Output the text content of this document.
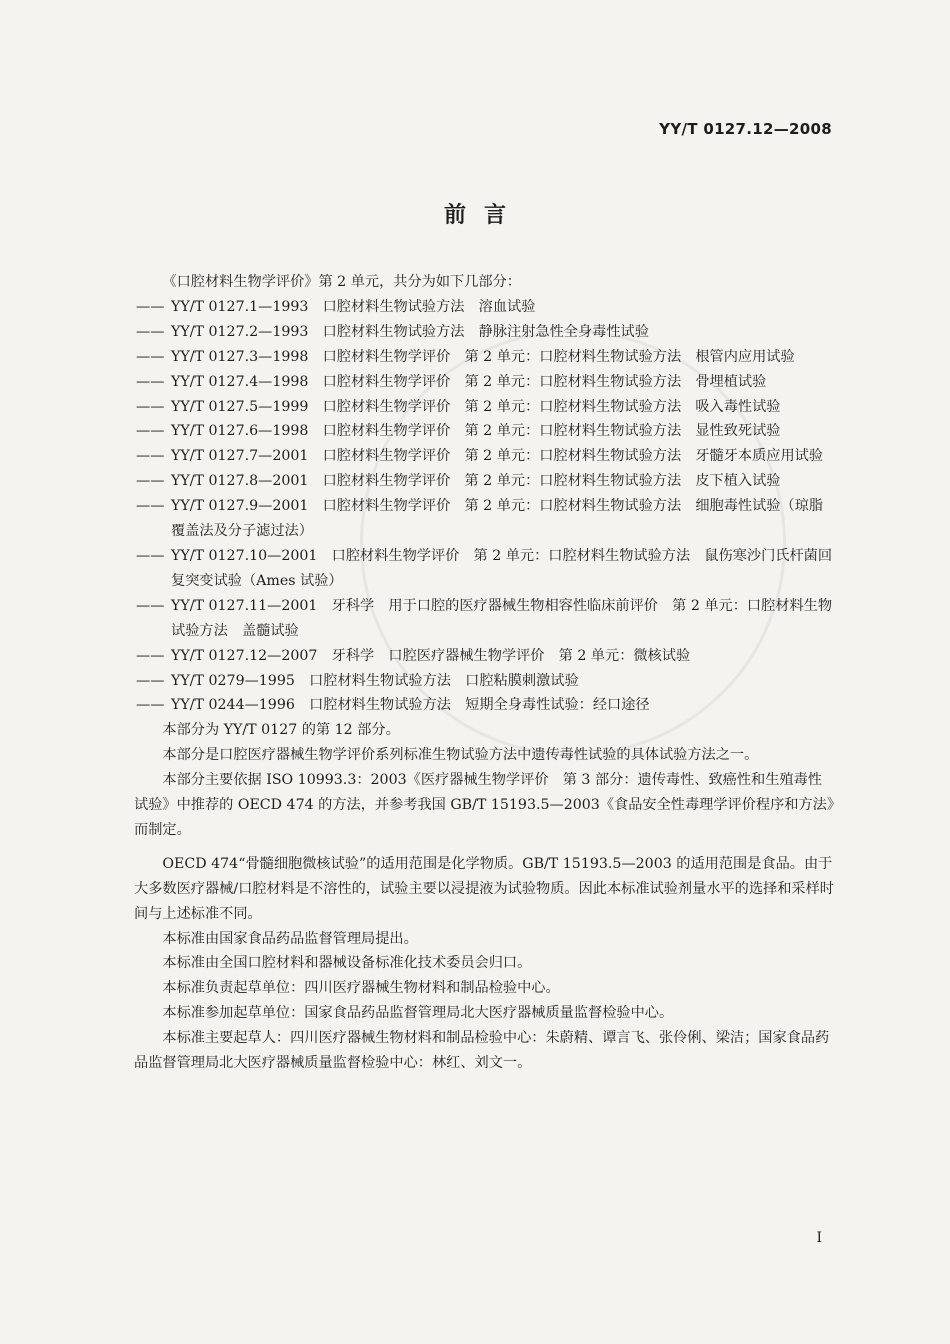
YY/T 0127.12—2008
前言

《口腔材料生物学评价》第 2 单元，共分为如下几部分：

—— YY/T 0127.1—1993　口腔材料生物试验方法　溶血试验

—— YY/T 0127.2—1993　口腔材料生物试验方法　静脉注射急性全身毒性试验

—— YY/T 0127.3—1998　口腔材料生物学评价　第 2 单元：口腔材料生物试验方法　根管内应用试验

—— YY/T 0127.4—1998　口腔材料生物学评价　第 2 单元：口腔材料生物试验方法　骨埋植试验

—— YY/T 0127.5—1999　口腔材料生物学评价　第 2 单元：口腔材料生物试验方法　吸入毒性试验

—— YY/T 0127.6—1998　口腔材料生物学评价　第 2 单元：口腔材料生物试验方法　显性致死试验

—— YY/T 0127.7—2001　口腔材料生物学评价　第 2 单元：口腔材料生物试验方法　牙髓牙本质应用试验

—— YY/T 0127.8—2001　口腔材料生物学评价　第 2 单元：口腔材料生物试验方法　皮下植入试验

—— YY/T 0127.9—2001　口腔材料生物学评价　第 2 单元：口腔材料生物试验方法　细胞毒性试验（琼脂覆盖法及分子滤过法）

—— YY/T 0127.10—2001　口腔材料生物学评价　第 2 单元：口腔材料生物试验方法　鼠伤寒沙门氏杆菌回复突变试验（Ames 试验）

—— YY/T 0127.11—2001　牙科学　用于口腔的医疗器械生物相容性临床前评价　第 2 单元：口腔材料生物试验方法　盖髓试验

—— YY/T 0127.12—2007　牙科学　口腔医疗器械生物学评价　第 2 单元：微核试验

—— YY/T 0279—1995　口腔材料生物试验方法　口腔粘膜刺激试验

—— YY/T 0244—1996　口腔材料生物试验方法　短期全身毒性试验：经口途径

本部分为 YY/T 0127 的第 12 部分。

本部分是口腔医疗器械生物学评价系列标准生物试验方法中遗传毒性试验的具体试验方法之一。

本部分主要依据 ISO 10993.3：2003《医疗器械生物学评价　第 3 部分：遗传毒性、致癌性和生殖毒性试验》中推荐的 OECD 474 的方法，并参考我国 GB/T 15193.5—2003《食品安全性毒理学评价程序和方法》而制定。

OECD 474“骨髓细胞微核试验”的适用范围是化学物质。GB/T 15193.5—2003 的适用范围是食品。由于大多数医疗器械/口腔材料是不溶性的，试验主要以浸提液为试验物质。因此本标准试验剂量水平的选择和采样时间与上述标准不同。

本标准由国家食品药品监督管理局提出。

本标准由全国口腔材料和器械设备标准化技术委员会归口。

本标准负责起草单位：四川医疗器械生物材料和制品检验中心。

本标准参加起草单位：国家食品药品监督管理局北大医疗器械质量监督检验中心。

本标准主要起草人：四川医疗器械生物材料和制品检验中心：朱蔚精、谭言飞、张伶俐、梁洁；国家食品药品监督管理局北大医疗器械质量监督检验中心：林红、刘文一。

I
